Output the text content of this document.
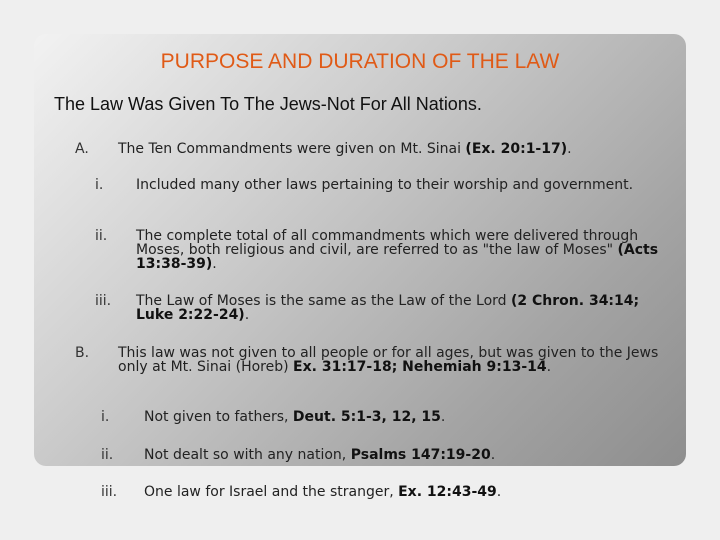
PURPOSE AND DURATION OF THE LAW
The Law Was Given To The Jews-Not For All Nations.
A. The Ten Commandments were given on Mt. Sinai (Ex. 20:1-17).
i. Included many other laws pertaining to their worship and government.
ii. The complete total of all commandments which were delivered through Moses, both religious and civil, are referred to as "the law of Moses" (Acts 13:38-39).
iii. The Law of Moses is the same as the Law of the Lord (2 Chron. 34:14; Luke 2:22-24).
B. This law was not given to all people or for all ages, but was given to the Jews only at Mt. Sinai (Horeb) Ex. 31:17-18; Nehemiah 9:13-14.
i. Not given to fathers, Deut. 5:1-3, 12, 15.
ii. Not dealt so with any nation, Psalms 147:19-20.
iii. One law for Israel and the stranger, Ex. 12:43-49.
